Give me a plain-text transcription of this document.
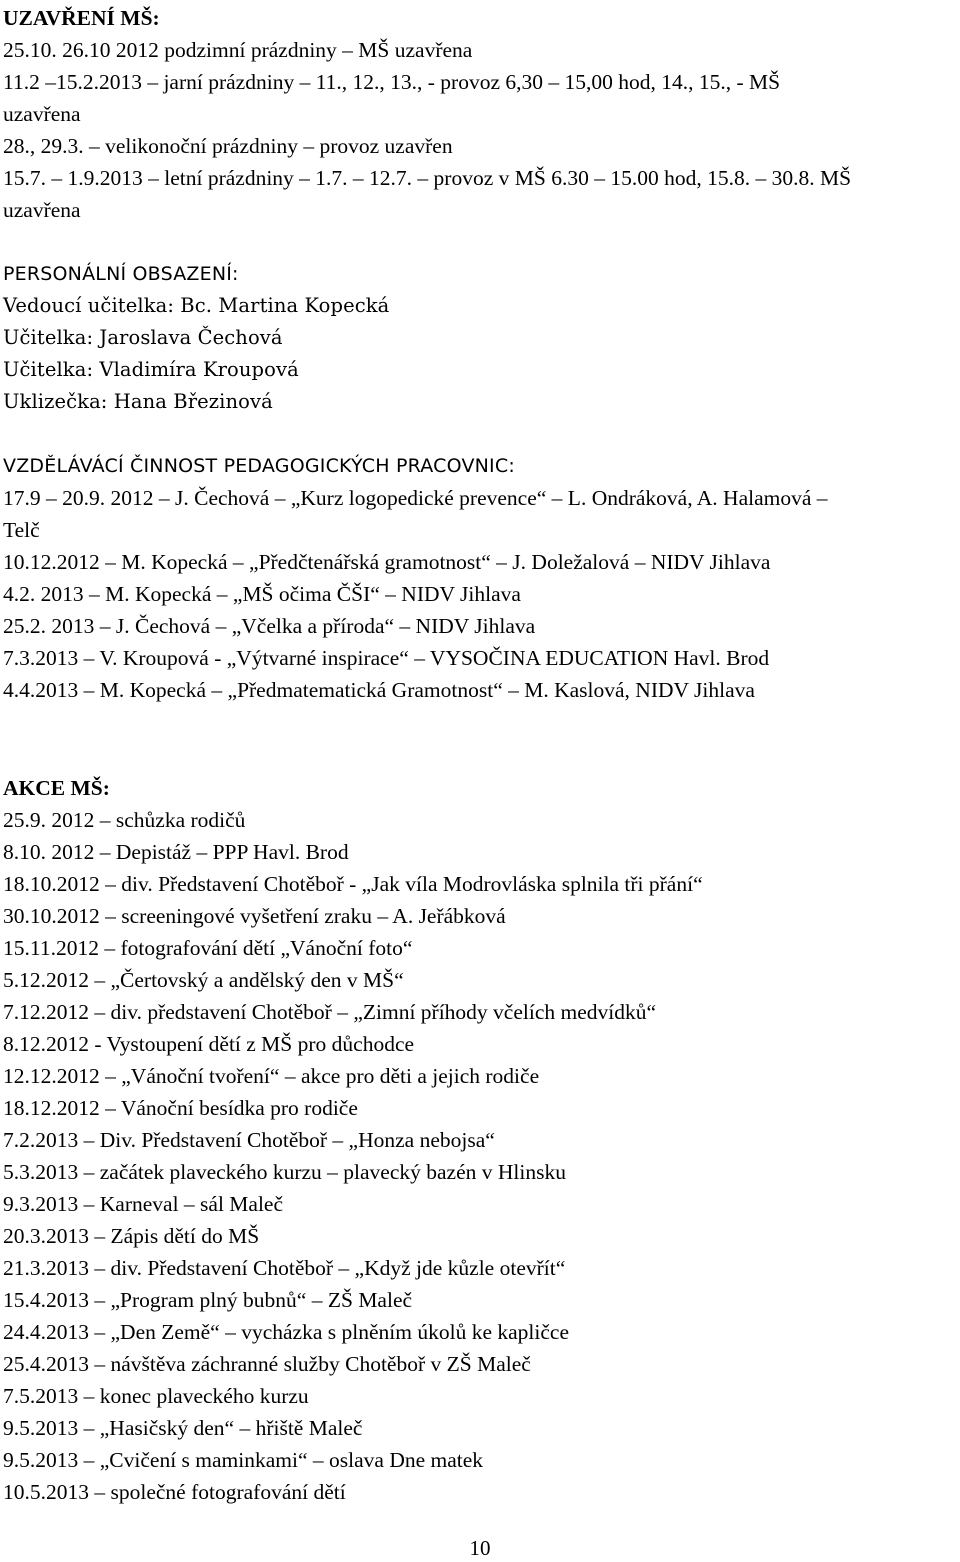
UZAVŘENÍ MŠ:
25.10. 26.10 2012 podzimní prázdniny – MŠ uzavřena
11.2 –15.2.2013 – jarní prázdniny – 11., 12., 13., - provoz 6,30 – 15,00 hod, 14., 15., - MŠ
uzavřena
28., 29.3. – velikonoční prázdniny – provoz uzavřen
15.7. – 1.9.2013 – letní prázdniny – 1.7. – 12.7. – provoz v MŠ 6.30 – 15.00 hod, 15.8. – 30.8. MŠ
uzavřena
PERSONÁLNÍ OBSAZENÍ:
Vedoucí učitelka: Bc. Martina Kopecká
Učitelka: Jaroslava Čechová
Učitelka: Vladimíra Kroupová
Uklizečka: Hana Březinová
VZDĚLÁVÁCÍ ČINNOST PEDAGOGICKÝCH PRACOVNIC:
17.9 – 20.9. 2012 – J. Čechová – „Kurz logopedické prevence“ – L. Ondráková, A. Halamová –
Telč
10.12.2012 – M. Kopecká – „Předčtenářská gramotnost“ – J. Doležalová – NIDV Jihlava
4.2. 2013 – M. Kopecká – „MŠ očima ČŠI“ – NIDV Jihlava
25.2. 2013 – J. Čechová – „Včelka a příroda“ – NIDV Jihlava
7.3.2013 – V. Kroupová - „Výtvarné inspirace“ – VYSOČINA EDUCATION Havl. Brod
4.4.2013 – M. Kopecká – „Předmatematická Gramotnost“ – M. Kaslová, NIDV Jihlava
AKCE MŠ:
25.9. 2012 – schůzka rodičů
8.10. 2012 – Depistáž – PPP Havl. Brod
18.10.2012 – div. Představení Chotěboř - „Jak víla Modrovláska splnila tři přání“
30.10.2012 – screeningové vyšetření zraku – A. Jeřábková
15.11.2012 – fotografování dětí „Vánoční foto“
5.12.2012 – „Čertovský a andělský den v MŠ“
7.12.2012 – div. představení Chotěboř – „Zimní příhody včelích medvídků“
8.12.2012 - Vystoupení dětí z MŠ pro důchodce
12.12.2012 – „Vánoční tvoření“ – akce pro děti a jejich rodiče
18.12.2012 – Vánoční besídka pro rodiče
7.2.2013 – Div. Představení Chotěboř – „Honza nebojsa“
5.3.2013 – začátek plaveckého kurzu – plavecký bazén v Hlinsku
9.3.2013 – Karneval – sál Maleč
20.3.2013 – Zápis dětí do MŠ
21.3.2013 – div. Představení Chotěboř – „Když jde kůzle otevřít“
15.4.2013 – „Program plný bubnů“ – ZŠ Maleč
24.4.2013 – „Den Země“ – vycházka s plněním úkolů ke kapličce
25.4.2013 – návštěva záchranné služby Chotěboř v ZŠ Maleč
7.5.2013 – konec plaveckého kurzu
9.5.2013 – „Hasičský den“ – hřiště Maleč
9.5.2013 – „Cvičení s maminkami“ – oslava Dne matek
10.5.2013 – společné fotografování dětí
10
